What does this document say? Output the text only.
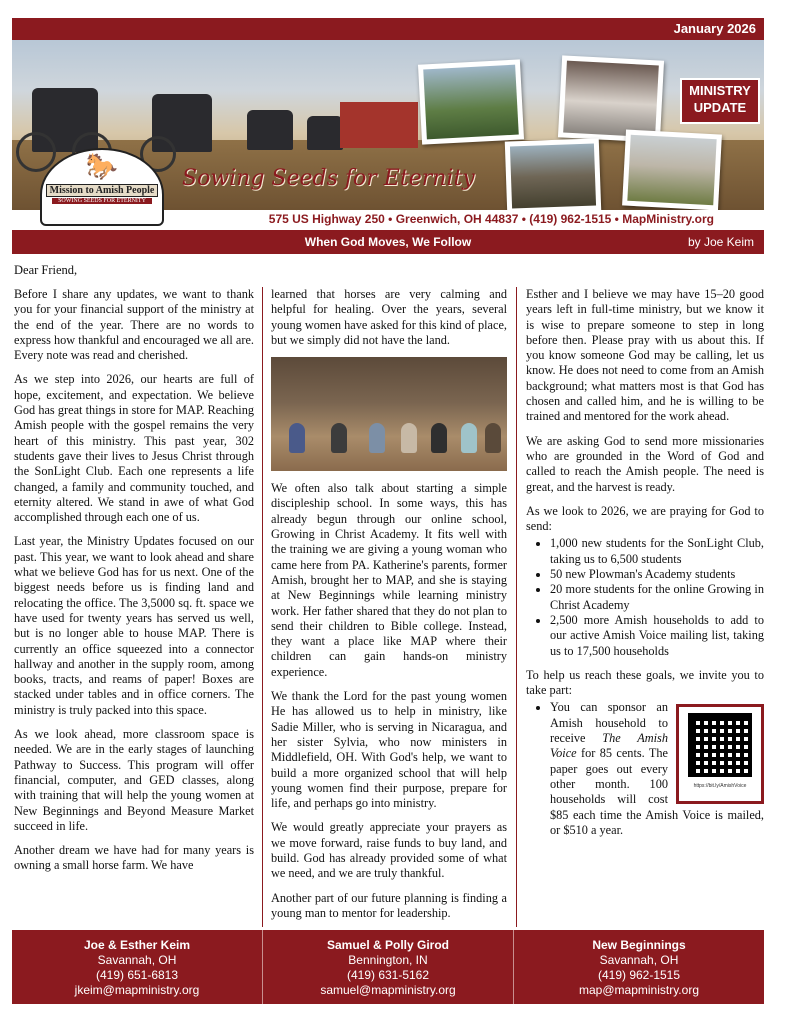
January 2026
MINISTRY
UPDATE
Sowing Seeds for Eternity
🐎
Mission to Amish People
SOWING SEEDS FOR ETERNITY
575 US Highway 250 • Greenwich, OH 44837 • (419) 962-1515 • MapMinistry.org
When God Moves, We Follow	by Joe Keim
Dear Friend,

Before I share any updates, we want to thank you for your financial support of the ministry at the end of the year. There are no words to express how thankful and encouraged we all are. Every note was read and cherished.

As we step into 2026, our hearts are full of hope, excitement, and expectation. We believe God has great things in store for MAP. Reaching Amish people with the gospel remains the very heart of this ministry. This past year, 302 students gave their lives to Jesus Christ through the SonLight Club. Each one represents a life changed, a family and community touched, and eternity altered. We stand in awe of what God accomplished through each one of us.

Last year, the Ministry Updates focused on our past. This year, we want to look ahead and share what we believe God has for us next. One of the biggest needs before us is finding land and relocating the office. The 3,5000 sq. ft. space we have used for twenty years has served us well, but is no longer able to house MAP. There is currently an office squeezed into a connector hallway and another in the supply room, among books, tracts, and reams of paper! Boxes are stacked under tables and in office corners. The ministry is truly packed into this space.

As we look ahead, more classroom space is needed. We are in the early stages of launching Pathway to Success. This program will offer financial, computer, and GED classes, along with training that will help the young women at New Beginnings and Beyond Measure Market succeed in life.

Another dream we have had for many years is owning a small horse farm. We have

learned that horses are very calming and helpful for healing. Over the years, several young women have asked for this kind of place, but we simply did not have the land.

We often also talk about starting a simple discipleship school. In some ways, this has already begun through our online school, Growing in Christ Academy. It fits well with the training we are giving a young woman who came here from PA. Katherine's parents, former Amish, brought her to MAP, and she is staying at New Beginnings while learning ministry work. Her father shared that they do not plan to send their children to Bible college. Instead, they want a place like MAP where their children can gain hands-on ministry experience.

We thank the Lord for the past young women He has allowed us to help in ministry, like Sadie Miller, who is serving in Nicaragua, and her sister Sylvia, who now ministers in Middlefield, OH. With God's help, we want to build a more organized school that will help young women find their purpose, prepare for life, and perhaps go into ministry.

We would greatly appreciate your prayers as we move forward, raise funds to buy land, and build. God has already provided some of what we need, and we are truly thankful.

Another part of our future planning is finding a young man to mentor for leadership.

Esther and I believe we may have 15–20 good years left in full-time ministry, but we know it is wise to prepare someone to step in long before then. Please pray with us about this. If you know someone God may be calling, let us know. He does not need to come from an Amish background; what matters most is that God has chosen and called him, and he is willing to be trained and mentored for the work ahead.

We are asking God to send more missionaries who are grounded in the Word of God and called to reach the Amish people. The need is great, and the harvest is ready.

As we look to 2026, we are praying for God to send:

• 1,000 new students for the SonLight Club, taking us to 6,500 students
• 50 new Plowman's Academy students
• 20 more students for the online Growing in Christ Academy
• 2,500 more Amish households to add to our active Amish Voice mailing list, taking us to 17,500 households

To help us reach these goals, we invite you to take part:

• https://bit.ly/AmishVoice
You can sponsor an Amish household to receive The Amish Voice for 85 cents. The paper goes out every other month. 100 households will cost $85 each time the Amish Voice is mailed, or $510 a year.
Joe & Esther Keim
Savannah, OH
(419) 651-6813
jkeim@mapministry.org
Samuel & Polly Girod
Bennington, IN
(419) 631-5162
samuel@mapministry.org
New Beginnings
Savannah, OH
(419) 962-1515
map@mapministry.org
